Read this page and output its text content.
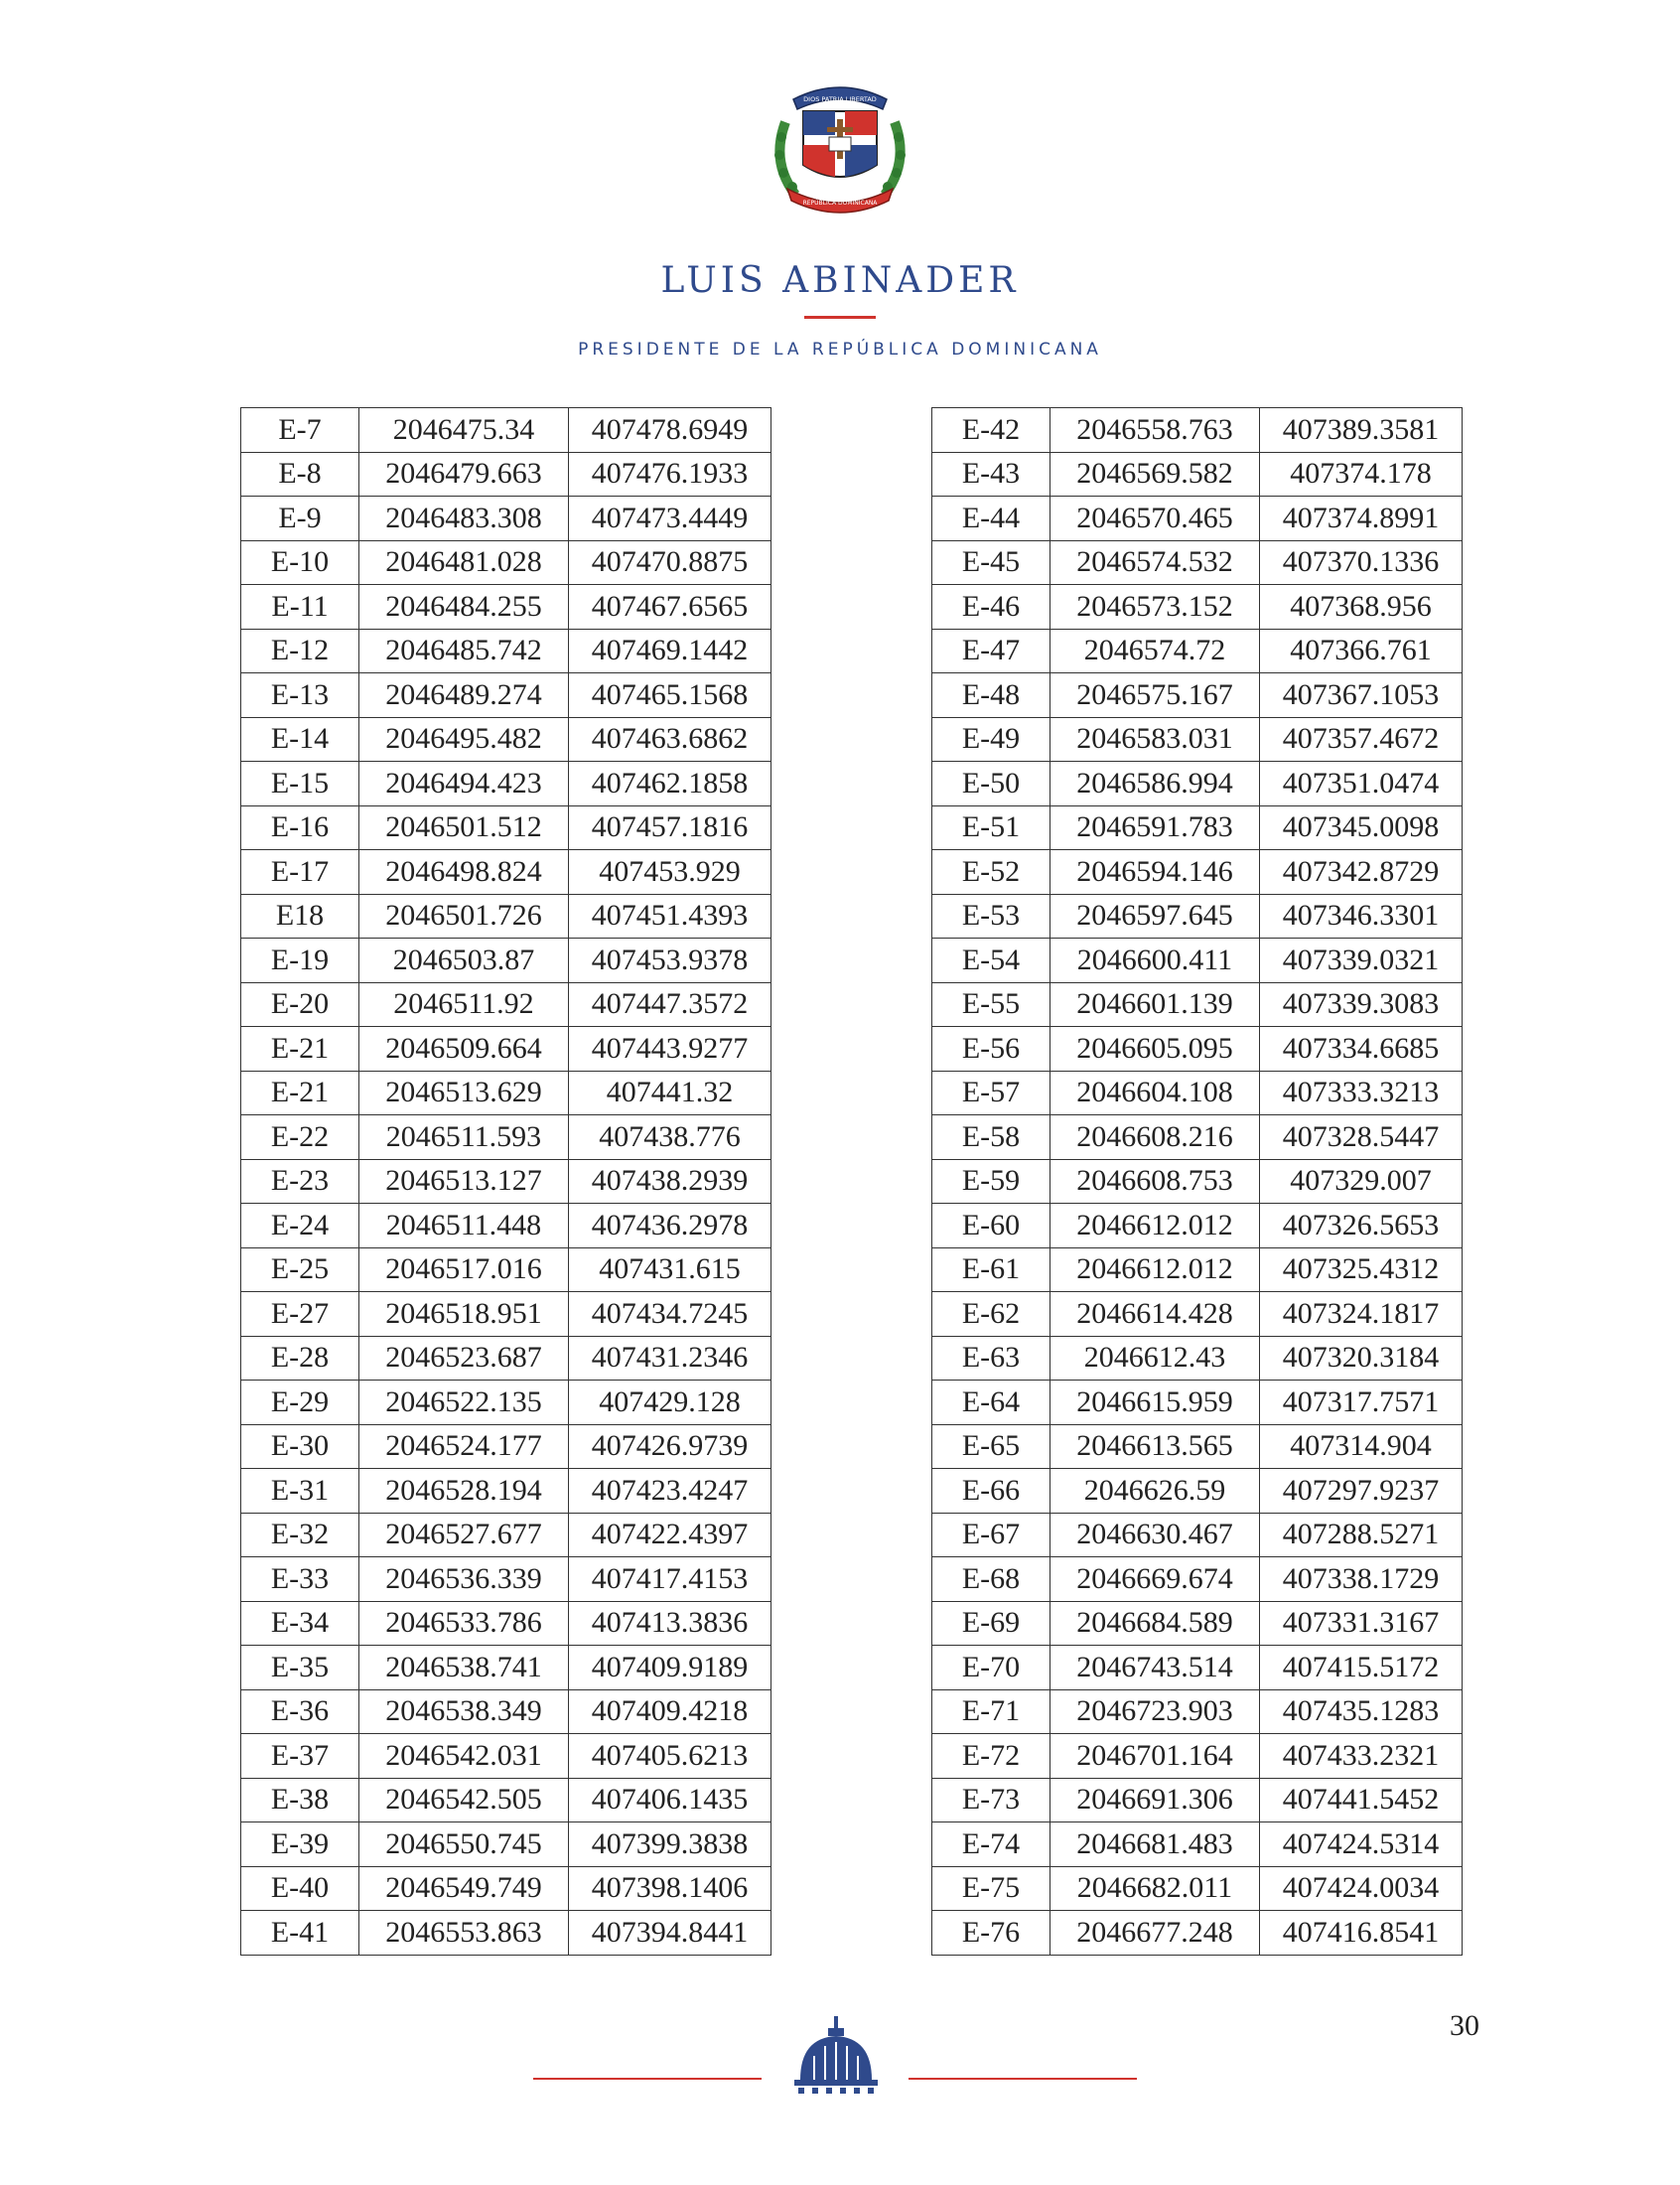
DIOS PATRIA LIBERTAD
REPÚBLICA DOMINICANA
LUIS ABINADER
PRESIDENTE DE LA REPÚBLICA DOMINICANA
E-7	2046475.34	407478.6949
E-8	2046479.663	407476.1933
E-9	2046483.308	407473.4449
E-10	2046481.028	407470.8875
E-11	2046484.255	407467.6565
E-12	2046485.742	407469.1442
E-13	2046489.274	407465.1568
E-14	2046495.482	407463.6862
E-15	2046494.423	407462.1858
E-16	2046501.512	407457.1816
E-17	2046498.824	407453.929
E18	2046501.726	407451.4393
E-19	2046503.87	407453.9378
E-20	2046511.92	407447.3572
E-21	2046509.664	407443.9277
E-21	2046513.629	407441.32
E-22	2046511.593	407438.776
E-23	2046513.127	407438.2939
E-24	2046511.448	407436.2978
E-25	2046517.016	407431.615
E-27	2046518.951	407434.7245
E-28	2046523.687	407431.2346
E-29	2046522.135	407429.128
E-30	2046524.177	407426.9739
E-31	2046528.194	407423.4247
E-32	2046527.677	407422.4397
E-33	2046536.339	407417.4153
E-34	2046533.786	407413.3836
E-35	2046538.741	407409.9189
E-36	2046538.349	407409.4218
E-37	2046542.031	407405.6213
E-38	2046542.505	407406.1435
E-39	2046550.745	407399.3838
E-40	2046549.749	407398.1406
E-41	2046553.863	407394.8441
E-42	2046558.763	407389.3581
E-43	2046569.582	407374.178
E-44	2046570.465	407374.8991
E-45	2046574.532	407370.1336
E-46	2046573.152	407368.956
E-47	2046574.72	407366.761
E-48	2046575.167	407367.1053
E-49	2046583.031	407357.4672
E-50	2046586.994	407351.0474
E-51	2046591.783	407345.0098
E-52	2046594.146	407342.8729
E-53	2046597.645	407346.3301
E-54	2046600.411	407339.0321
E-55	2046601.139	407339.3083
E-56	2046605.095	407334.6685
E-57	2046604.108	407333.3213
E-58	2046608.216	407328.5447
E-59	2046608.753	407329.007
E-60	2046612.012	407326.5653
E-61	2046612.012	407325.4312
E-62	2046614.428	407324.1817
E-63	2046612.43	407320.3184
E-64	2046615.959	407317.7571
E-65	2046613.565	407314.904
E-66	2046626.59	407297.9237
E-67	2046630.467	407288.5271
E-68	2046669.674	407338.1729
E-69	2046684.589	407331.3167
E-70	2046743.514	407415.5172
E-71	2046723.903	407435.1283
E-72	2046701.164	407433.2321
E-73	2046691.306	407441.5452
E-74	2046681.483	407424.5314
E-75	2046682.011	407424.0034
E-76	2046677.248	407416.8541
30
